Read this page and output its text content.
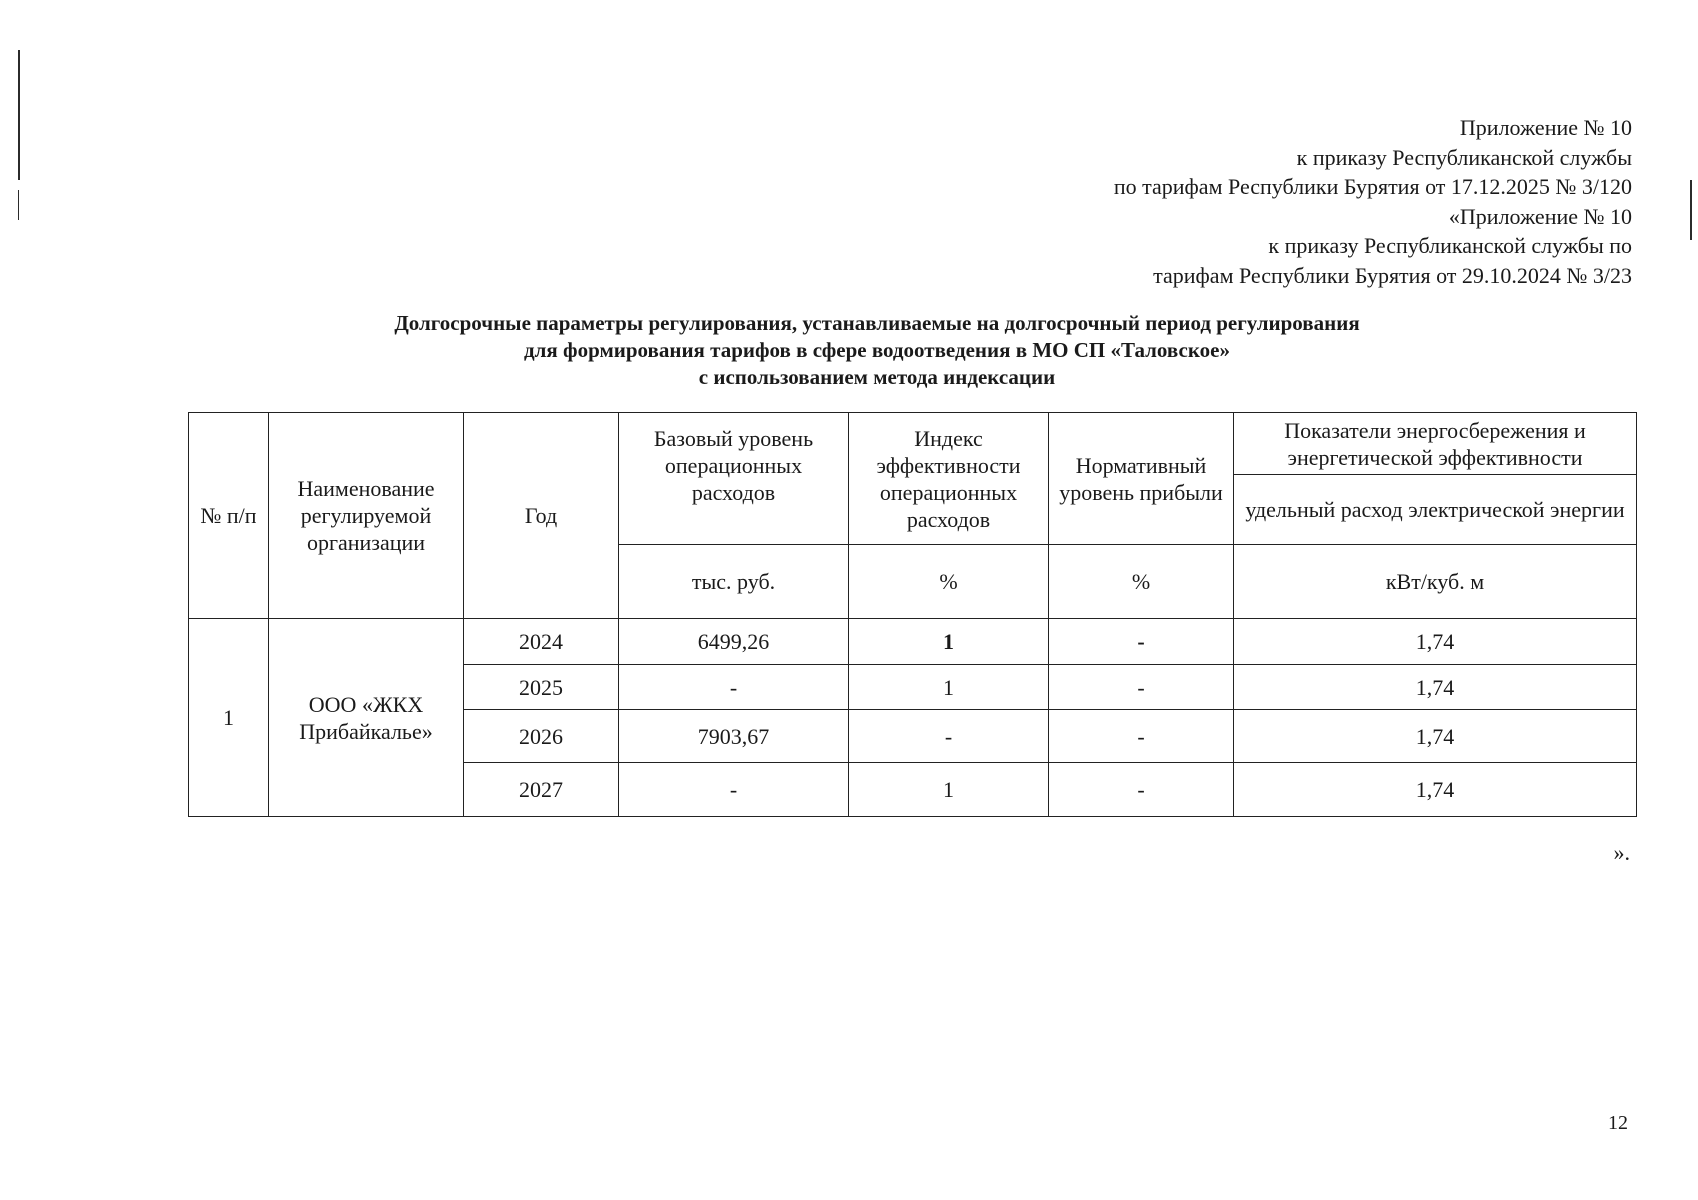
Приложение № 10
к приказу Республиканской службы
по тарифам Республики Бурятия от 17.12.2025 № 3/120
«Приложение № 10
к приказу Республиканской службы по
тарифам Республики Бурятия от 29.10.2024 № 3/23
Долгосрочные параметры регулирования, устанавливаемые на долгосрочный период регулирования
для формирования тарифов в сфере водоотведения в МО СП «Таловское»
с использованием метода индексации
№ п/п	Наименование регулируемой организации	Год	Базовый уровень операционных расходов	Индекс эффективности операционных расходов	Нормативный уровень прибыли	Показатели энергосбережения и энергетической эффективности
						удельный расход электрической энергии
			тыс. руб.	%	%	кВт/куб. м
1	ООО «ЖКХ Прибайкалье»	2024	6499,26	1	-	1,74
		2025	-	1	-	1,74
		2026	7903,67	-	-	1,74
		2027	-	1	-	1,74
».
12
